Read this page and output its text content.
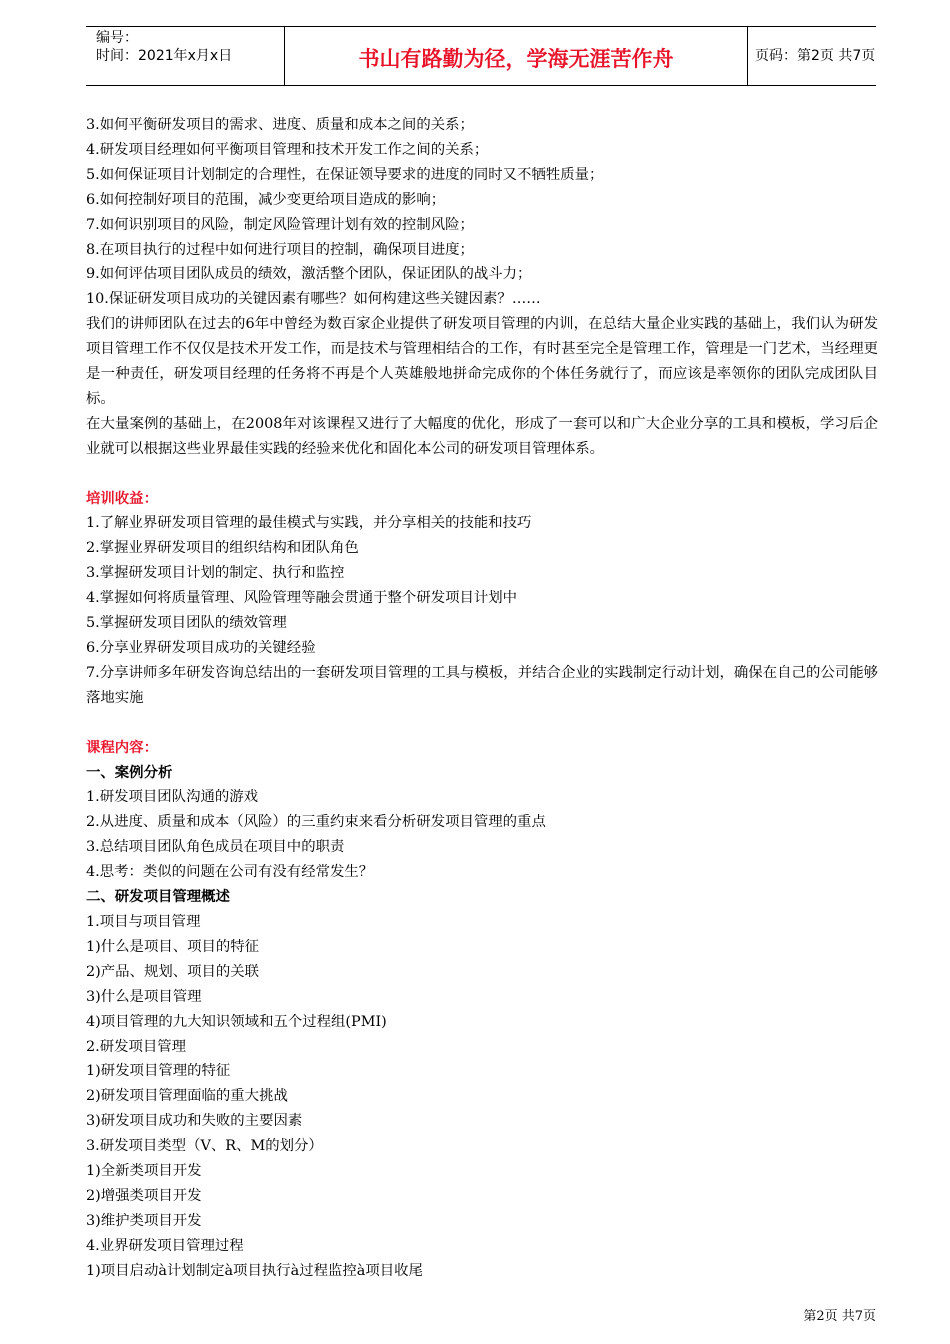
编号：
时间：2021年x月x日	书山有路勤为径，学海无涯苦作舟	页码：第2页 共7页

3.如何平衡研发项目的需求、进度、质量和成本之间的关系；

4.研发项目经理如何平衡项目管理和技术开发工作之间的关系；

5.如何保证项目计划制定的合理性，在保证领导要求的进度的同时又不牺牲质量；

6.如何控制好项目的范围，减少变更给项目造成的影响；

7.如何识别项目的风险，制定风险管理计划有效的控制风险；

8.在项目执行的过程中如何进行项目的控制，确保项目进度；

9.如何评估项目团队成员的绩效，激活整个团队，保证团队的战斗力；

10.保证研发项目成功的关键因素有哪些？如何构建这些关键因素？……

我们的讲师团队在过去的6年中曾经为数百家企业提供了研发项目管理的内训，在总结大量企业实践的基础上，我们认为研发项目管理工作不仅仅是技术开发工作，而是技术与管理相结合的工作，有时甚至完全是管理工作，管理是一门艺术，当经理更是一种责任，研发项目经理的任务将不再是个人英雄般地拼命完成你的个体任务就行了，而应该是率领你的团队完成团队目标。

在大量案例的基础上，在2008年对该课程又进行了大幅度的优化，形成了一套可以和广大企业分享的工具和模板，学习后企业就可以根据这些业界最佳实践的经验来优化和固化本公司的研发项目管理体系。

培训收益：

1.了解业界研发项目管理的最佳模式与实践，并分享相关的技能和技巧

2.掌握业界研发项目的组织结构和团队角色

3.掌握研发项目计划的制定、执行和监控

4.掌握如何将质量管理、风险管理等融会贯通于整个研发项目计划中

5.掌握研发项目团队的绩效管理

6.分享业界研发项目成功的关键经验

7.分享讲师多年研发咨询总结出的一套研发项目管理的工具与模板，并结合企业的实践制定行动计划，确保在自己的公司能够落地实施

课程内容：

一、案例分析

1.研发项目团队沟通的游戏

2.从进度、质量和成本（风险）的三重约束来看分析研发项目管理的重点

3.总结项目团队角色成员在项目中的职责

4.思考：类似的问题在公司有没有经常发生？

二、研发项目管理概述

1.项目与项目管理

1)什么是项目、项目的特征

2)产品、规划、项目的关联

3)什么是项目管理

4)项目管理的九大知识领域和五个过程组(PMI)

2.研发项目管理

1)研发项目管理的特征

2)研发项目管理面临的重大挑战

3)研发项目成功和失败的主要因素

3.研发项目类型（V、R、M的划分）

1)全新类项目开发

2)增强类项目开发

3)维护类项目开发

4.业界研发项目管理过程

1)项目启动à计划制定à项目执行à过程监控à项目收尾

第2页 共7页
